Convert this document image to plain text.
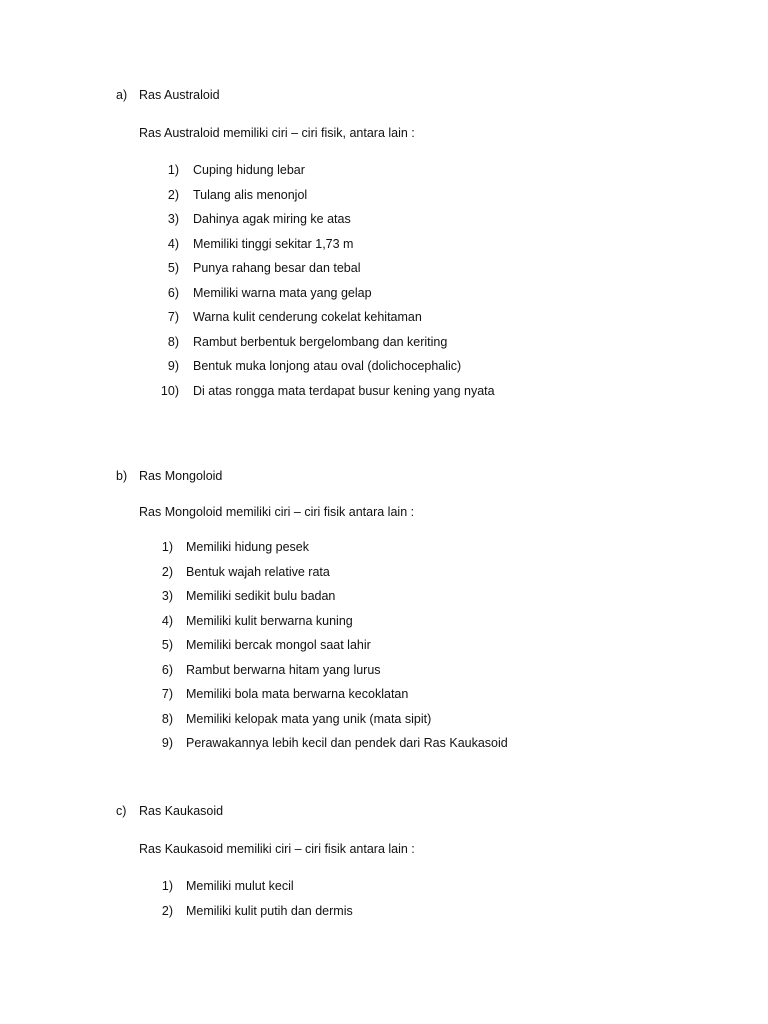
a) Ras Australoid
Ras Australoid memiliki ciri – ciri fisik, antara lain :
1) Cuping hidung lebar
2) Tulang alis menonjol
3) Dahinya agak miring ke atas
4) Memiliki tinggi sekitar 1,73 m
5) Punya rahang besar dan tebal
6) Memiliki warna mata yang gelap
7) Warna kulit cenderung cokelat kehitaman
8) Rambut berbentuk bergelombang dan keriting
9) Bentuk muka lonjong atau oval (dolichocephalic)
10) Di atas rongga mata terdapat busur kening yang nyata
b) Ras Mongoloid
Ras Mongoloid memiliki ciri – ciri fisik antara lain :
1) Memiliki hidung pesek
2) Bentuk wajah relative rata
3) Memiliki sedikit bulu badan
4) Memiliki kulit berwarna kuning
5) Memiliki bercak mongol saat lahir
6) Rambut berwarna hitam yang lurus
7) Memiliki bola mata berwarna kecoklatan
8) Memiliki kelopak mata yang unik (mata sipit)
9) Perawakannya lebih kecil dan pendek dari Ras Kaukasoid
c) Ras Kaukasoid
Ras Kaukasoid memiliki ciri – ciri fisik antara lain :
1) Memiliki mulut kecil
2) Memiliki kulit putih dan dermis
